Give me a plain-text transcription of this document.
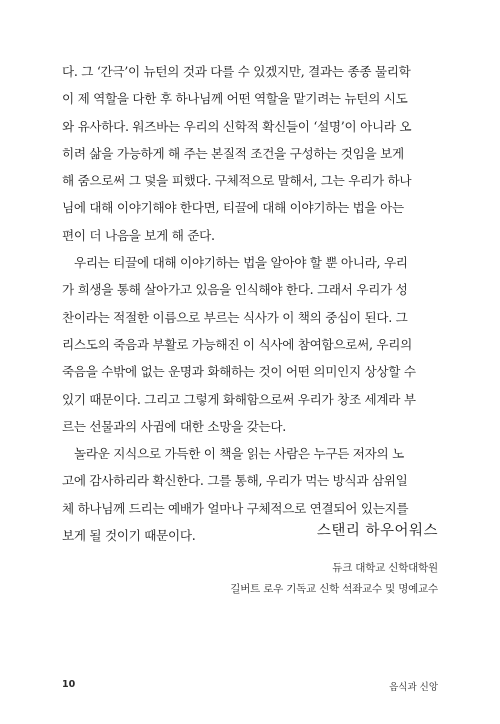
다. 그 ‘간극’이 뉴턴의 것과 다를 수 있겠지만, 결과는 종종 물리학
이 제 역할을 다한 후 하나님께 어떤 역할을 맡기려는 뉴턴의 시도
와 유사하다. 워즈바는 우리의 신학적 확신들이 ‘설명’이 아니라 오
히려 삶을 가능하게 해 주는 본질적 조건을 구성하는 것임을 보게
해 줌으로써 그 덫을 피했다. 구체적으로 말해서, 그는 우리가 하나
님에 대해 이야기해야 한다면, 티끌에 대해 이야기하는 법을 아는
편이 더 나음을 보게 해 준다.

우리는 티끌에 대해 이야기하는 법을 알아야 할 뿐 아니라, 우리
가 희생을 통해 살아가고 있음을 인식해야 한다. 그래서 우리가 성
찬이라는 적절한 이름으로 부르는 식사가 이 책의 중심이 된다. 그
리스도의 죽음과 부활로 가능해진 이 식사에 참여함으로써, 우리의
죽음을 수밖에 없는 운명과 화해하는 것이 어떤 의미인지 상상할 수
있기 때문이다. 그리고 그렇게 화해함으로써 우리가 창조 세계라 부
르는 선물과의 사귐에 대한 소망을 갖는다.

놀라운 지식으로 가득한 이 책을 읽는 사람은 누구든 저자의 노
고에 감사하리라 확신한다. 그를 통해, 우리가 먹는 방식과 삼위일
체 하나님께 드리는 예배가 얼마나 구체적으로 연결되어 있는지를
보게 될 것이기 때문이다.	스탠리 하우어워스
듀크 대학교 신학대학원
길버트 로우 기독교 신학 석좌교수 및 명예교수
10	음식과 신앙
